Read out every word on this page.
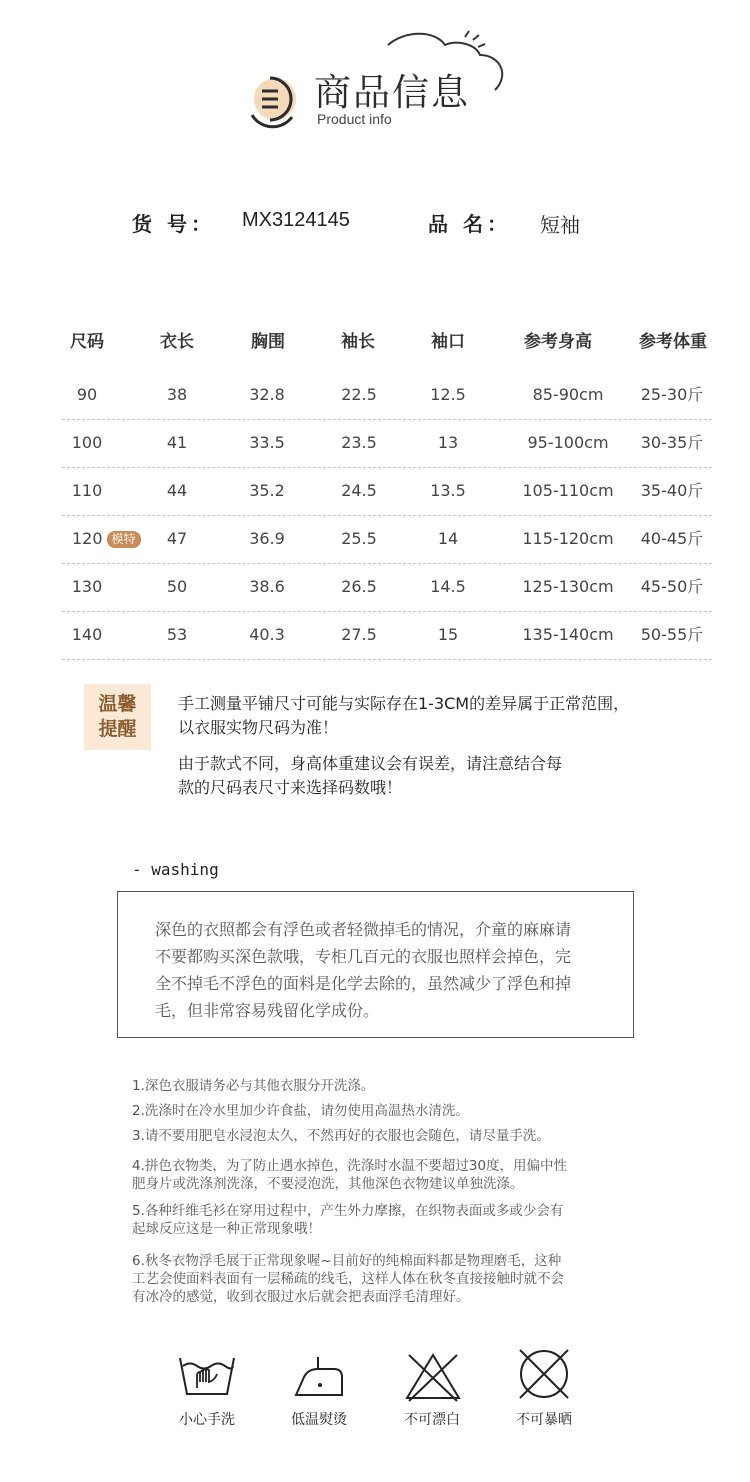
商品信息
Product info
货 号： MX3124145	品 名： 短袖
尺码	衣长	胸围	袖长	袖口	参考身高	参考体重
90	38	32.8	22.5	12.5	85-90cm	25-30斤
100	41	33.5	23.5	13	95-100cm	30-35斤
110	44	35.2	24.5	13.5	105-110cm	35-40斤
120 模特	47	36.9	25.5	14	115-120cm	40-45斤
130	50	38.6	26.5	14.5	125-130cm	45-50斤
140	53	40.3	27.5	15	135-140cm	50-55斤
温馨
提醒
手工测量平铺尺寸可能与实际存在1-3CM的差异属于正常范围，
以衣服实物尺码为准！
由于款式不同，身高体重建议会有误差，请注意结合每
款的尺码表尺寸来选择码数哦！
- washing
深色的衣照都会有浮色或者轻微掉毛的情况，介童的麻麻请
不要都购买深色款哦，专柜几百元的衣服也照样会掉色，完
全不掉毛不浮色的面料是化学去除的，虽然减少了浮色和掉
毛，但非常容易残留化学成份。
1.深色衣服请务必与其他衣服分开洗涤。
2.洗涤时在冷水里加少许食盐，请勿使用高温热水清洗。
3.请不要用肥皂水浸泡太久，不然再好的衣服也会随色，请尽量手洗。
4.拼色衣物类，为了防止遇水掉色，洗涤时水温不要超过30度，用偏中性
肥身片或洗涤剂洗涤，不要浸泡洗，其他深色衣物建议单独洗涤。
5.各种纤维毛衫在穿用过程中，产生外力摩擦，在织物表面或多或少会有
起球反应这是一种正常现象哦！
6.秋冬衣物浮毛展于正常现象喔~目前好的纯棉面料都是物理磨毛，这种
工艺会使面料表面有一层稀疏的线毛，这样人体在秋冬直接接触时就不会
有冰冷的感觉，收到衣服过水后就会把表面浮毛清理好。
小心手洗	低温熨烫	不可漂白	不可暴晒
